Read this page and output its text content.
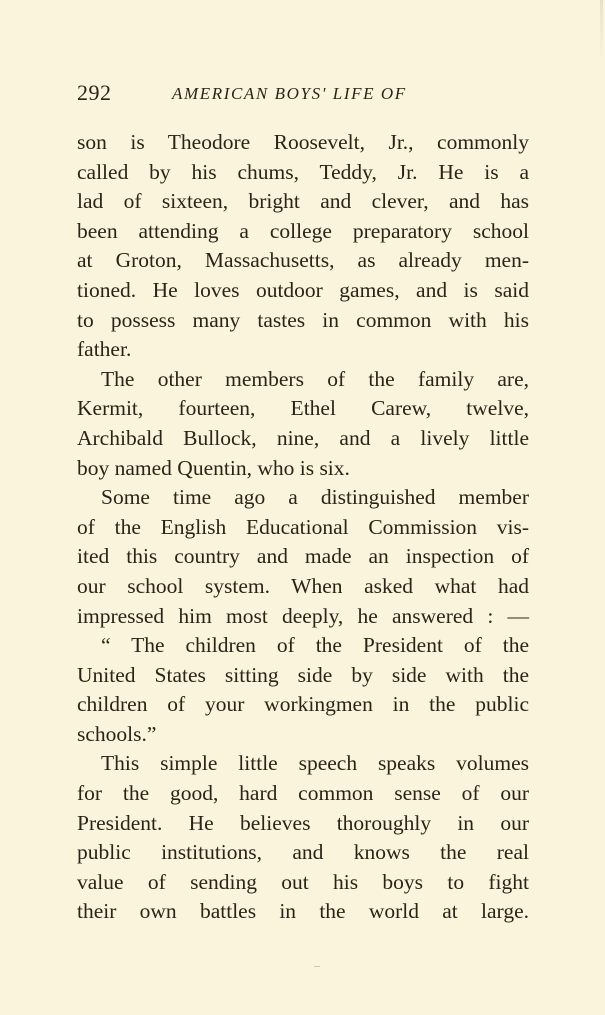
292	AMERICAN BOYS' LIFE OF
son is Theodore Roosevelt, Jr., commonly
called by his chums, Teddy, Jr. He is a
lad of sixteen, bright and clever, and has
been attending a college preparatory school
at Groton, Massachusetts, as already men-
tioned. He loves outdoor games, and is said
to possess many tastes in common with his
father.
The other members of the family are,
Kermit, fourteen, Ethel Carew, twelve,
Archibald Bullock, nine, and a lively little
boy named Quentin, who is six.
Some time ago a distinguished member
of the English Educational Commission vis-
ited this country and made an inspection of
our school system. When asked what had
impressed him most deeply, he answered : —
“ The children of the President of the
United States sitting side by side with the
children of your workingmen in the public
schools.”
This simple little speech speaks volumes
for the good, hard common sense of our
President. He believes thoroughly in our
public institutions, and knows the real
value of sending out his boys to fight
their own battles in the world at large.
